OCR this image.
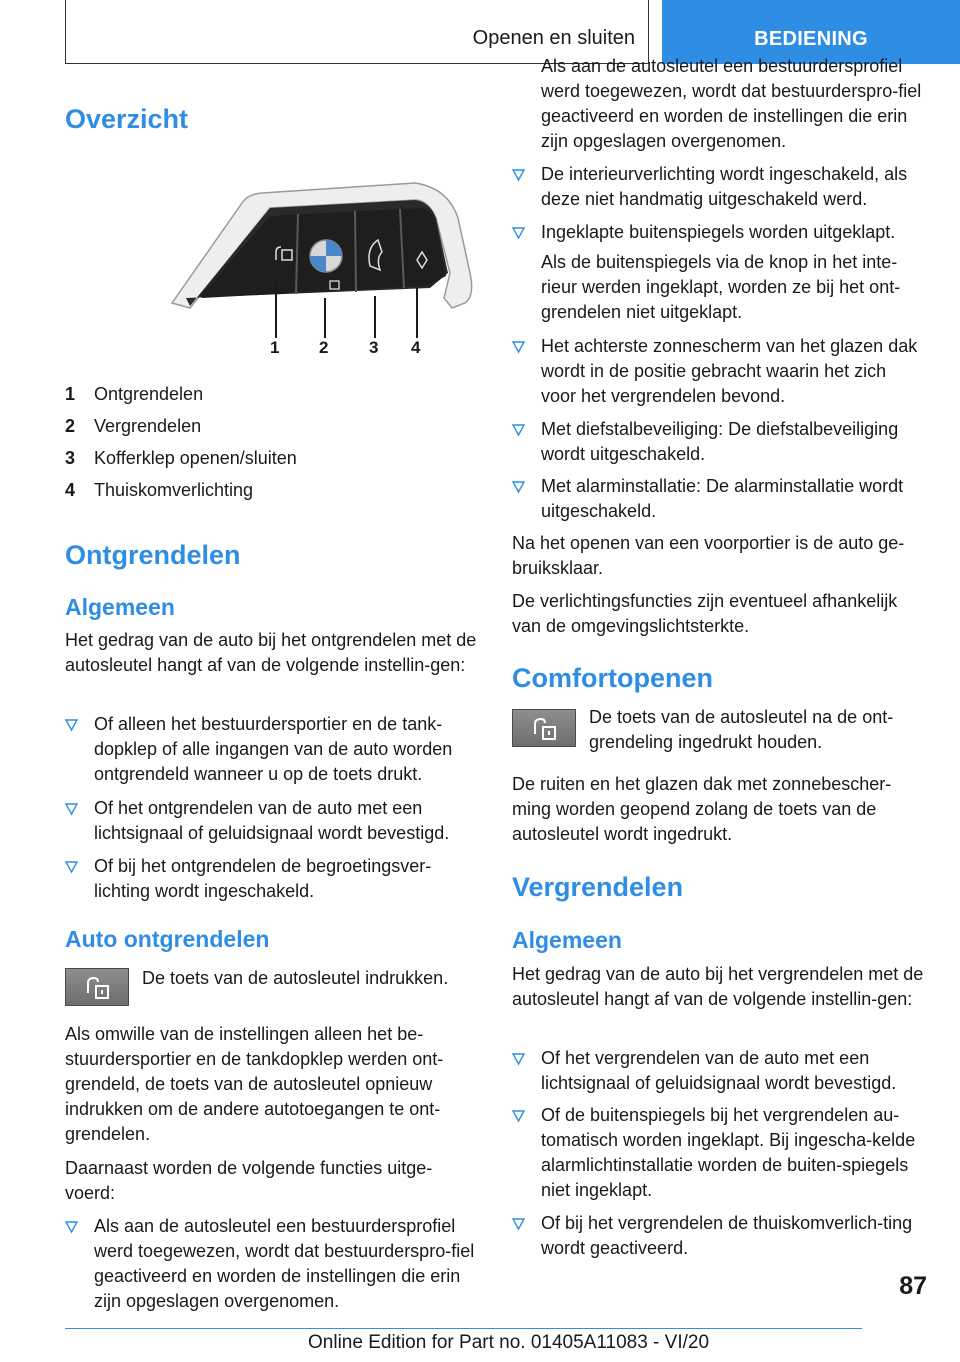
Openen en sluiten	BEDIENING
Overzicht
1 2 3 4
1	Ontgrendelen
2	Vergrendelen
3	Kofferklep openen/sluiten
4	Thuiskomverlichting
Ontgrendelen
Algemeen

Het gedrag van de auto bij het ontgrendelen met de autosleutel hangt af van de volgende instellin-gen:

Of alleen het bestuurdersportier en de tank-dopklep of alle ingangen van de auto worden ontgrendeld wanneer u op de toets drukt.
Of het ontgrendelen van de auto met een lichtsignaal of geluidsignaal wordt bevestigd.
Of bij het ontgrendelen de begroetingsver-lichting wordt ingeschakeld.
Auto ontgrendelen

De toets van de autosleutel indrukken.

Als omwille van de instellingen alleen het be-stuurdersportier en de tankdopklep werden ont-grendeld, de toets van de autosleutel opnieuw indrukken om de andere autotoegangen te ont-grendelen.

Daarnaast worden de volgende functies uitge-voerd:

Als aan de autosleutel een bestuurdersprofiel werd toegewezen, wordt dat bestuurderspro-fiel geactiveerd en worden de instellingen die erin zijn opgeslagen overgenomen.
Als aan de autosleutel een bestuurdersprofiel werd toegewezen, wordt dat bestuurderspro-fiel geactiveerd en worden de instellingen die erin zijn opgeslagen overgenomen.
De interieurverlichting wordt ingeschakeld, als deze niet handmatig uitgeschakeld werd.
Ingeklapte buitenspiegels worden uitgeklapt.

Als de buitenspiegels via de knop in het inte-rieur werden ingeklapt, worden ze bij het ont-grendelen niet uitgeklapt.

Het achterste zonnescherm van het glazen dak wordt in de positie gebracht waarin het zich voor het vergrendelen bevond.
Met diefstalbeveiliging: De diefstalbeveiliging wordt uitgeschakeld.
Met alarminstallatie: De alarminstallatie wordt uitgeschakeld.

Na het openen van een voorportier is de auto ge-bruiksklaar.

De verlichtingsfuncties zijn eventueel afhankelijk van de omgevingslichtsterkte.

Comfortopenen

De toets van de autosleutel na de ont-grendeling ingedrukt houden.

De ruiten en het glazen dak met zonnebescher-ming worden geopend zolang de toets van de autosleutel wordt ingedrukt.

Vergrendelen
Algemeen

Het gedrag van de auto bij het vergrendelen met de autosleutel hangt af van de volgende instellin-gen:

Of het vergrendelen van de auto met een lichtsignaal of geluidsignaal wordt bevestigd.
Of de buitenspiegels bij het vergrendelen au-tomatisch worden ingeklapt. Bij ingescha-kelde alarmlichtinstallatie worden de buiten-spiegels niet ingeklapt.
Of bij het vergrendelen de thuiskomverlich-ting wordt geactiveerd.
87
Online Edition for Part no. 01405A11083 - VI/20
